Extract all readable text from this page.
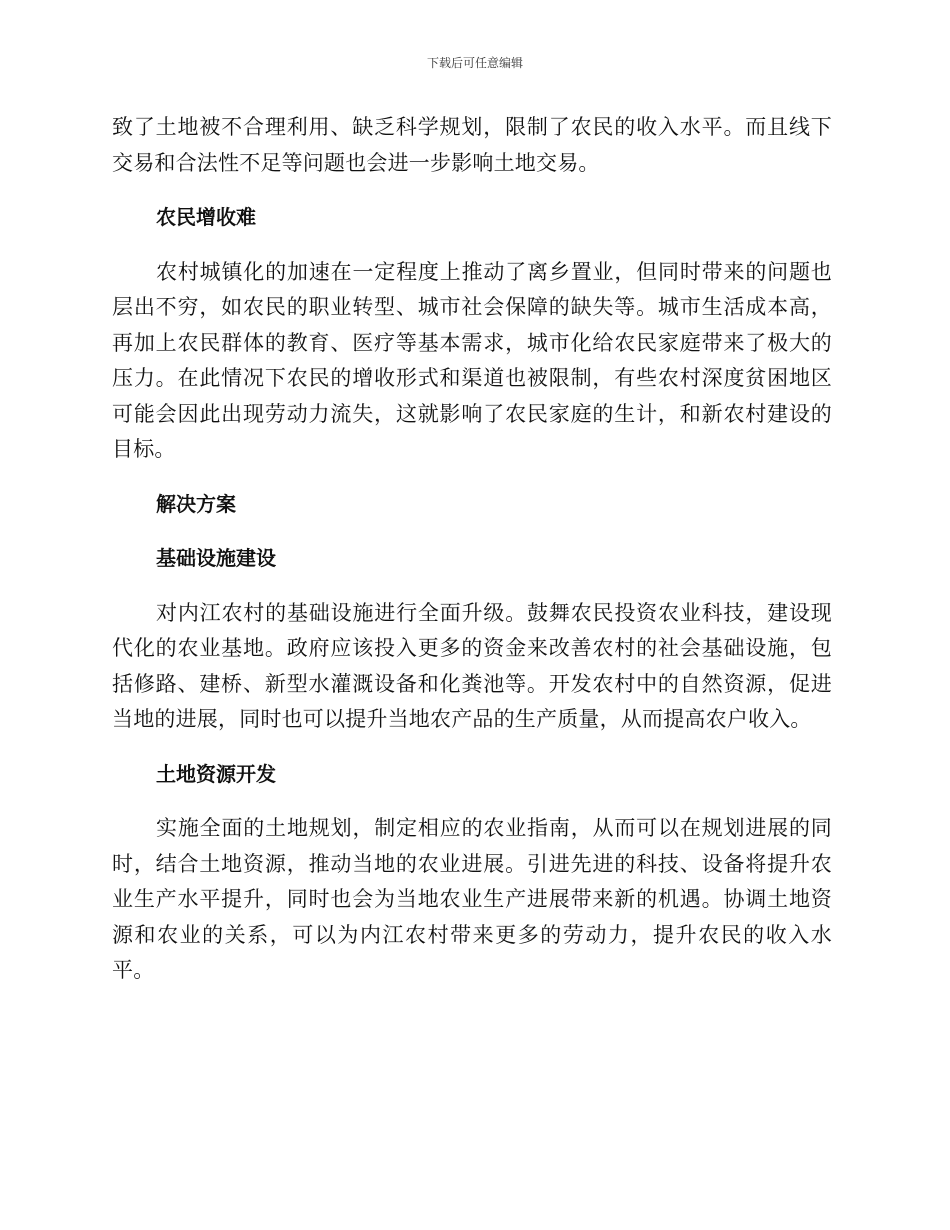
下载后可任意编辑

致了土地被不合理利用、缺乏科学规划，限制了农民的收入水平。而且线下交易和合法性不足等问题也会进一步影响土地交易。

农民增收难

农村城镇化的加速在一定程度上推动了离乡置业，但同时带来的问题也层出不穷，如农民的职业转型、城市社会保障的缺失等。城市生活成本高，再加上农民群体的教育、医疗等基本需求，城市化给农民家庭带来了极大的压力。在此情况下农民的增收形式和渠道也被限制，有些农村深度贫困地区可能会因此出现劳动力流失，这就影响了农民家庭的生计，和新农村建设的目标。

解决方案
基础设施建设

对内江农村的基础设施进行全面升级。鼓舞农民投资农业科技，建设现代化的农业基地。政府应该投入更多的资金来改善农村的社会基础设施，包括修路、建桥、新型水灌溉设备和化粪池等。开发农村中的自然资源，促进当地的进展，同时也可以提升当地农产品的生产质量，从而提高农户收入。

土地资源开发

实施全面的土地规划，制定相应的农业指南，从而可以在规划进展的同时，结合土地资源，推动当地的农业进展。引进先进的科技、设备将提升农业生产水平提升，同时也会为当地农业生产进展带来新的机遇。协调土地资源和农业的关系，可以为内江农村带来更多的劳动力，提升农民的收入水平。
